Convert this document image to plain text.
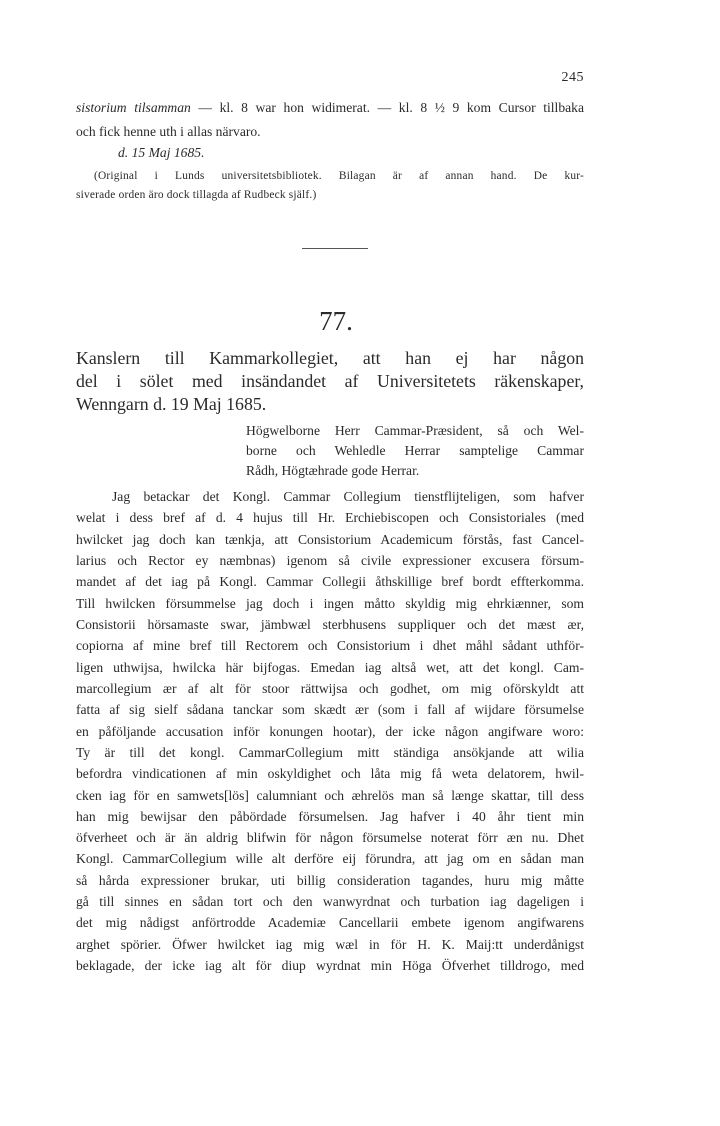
245
sistorium tilsamman — kl. 8 war hon widimerat. — kl. 8 ½ 9 kom Cursor tillbaka
och fick henne uth i allas närvaro.
d. 15 Maj 1685.
(Original i Lunds universitetsbibliotek. Bilagan är af annan hand. De kur-
siverade orden äro dock tillagda af Rudbeck själf.)
77.
Kanslern till Kammarkollegiet, att han ej har någon
del i sölet med insändandet af Universitetets räkenskaper,
Wenngarn d. 19 Maj 1685.
Högwelborne Herr Cammar-Præsident, så och Wel-
borne och Wehledle Herrar samptelige Cammar
Rådh, Högtæhrade gode Herrar.
Jag betackar det Kongl. Cammar Collegium tienstflijteligen, som hafver
welat i dess bref af d. 4 hujus till Hr. Erchiebiscopen och Consistoriales (med
hwilcket jag doch kan tænkja, att Consistorium Academicum förstås, fast Cancel-
larius och Rector ey næmbnas) igenom så civile expressioner excusera försum-
mandet af det iag på Kongl. Cammar Collegii åthskillige bref bordt effterkomma.
Till hwilcken försummelse jag doch i ingen måtto skyldig mig ehrkiænner, som
Consistorii hörsamaste swar, jämbwæl sterbhusens suppliquer och det mæst ær,
copiorna af mine bref till Rectorem och Consistorium i dhet måhl sådant uthför-
ligen uthwijsa, hwilcka här bijfogas. Emedan iag altså wet, att det kongl. Cam-
marcollegium ær af alt för stoor rättwijsa och godhet, om mig oförskyldt att
fatta af sig sielf sådana tanckar som skædt ær (som i fall af wijdare försumelse
en påföljande accusation inför konungen hootar), der icke någon angifware woro:
Ty är till det kongl. CammarCollegium mitt ständiga ansökjande att wilia
befordra vindicationen af min oskyldighet och låta mig få weta delatorem, hwil-
cken iag för en samwets[lös] calumniant och æhrelös man så længe skattar, till dess
han mig bewijsar den påbördade försumelsen. Jag hafver i 40 åhr tient min
öfverheet och är än aldrig blifwin för någon försumelse noterat förr æn nu. Dhet
Kongl. CammarCollegium wille alt derföre eij förundra, att jag om en sådan man
så hårda expressioner brukar, uti billig consideration tagandes, huru mig måtte
gå till sinnes en sådan tort och den wanwyrdnat och turbation iag dageligen i
det mig nådigst anförtrodde Academiæ Cancellarii embete igenom angifwarens
arghet spörier. Öfwer hwilcket iag mig wæl in för H. K. Maij:tt underdånigst
beklagade, der icke iag alt för diup wyrdnat min Höga Öfverhet tilldrogo, med
